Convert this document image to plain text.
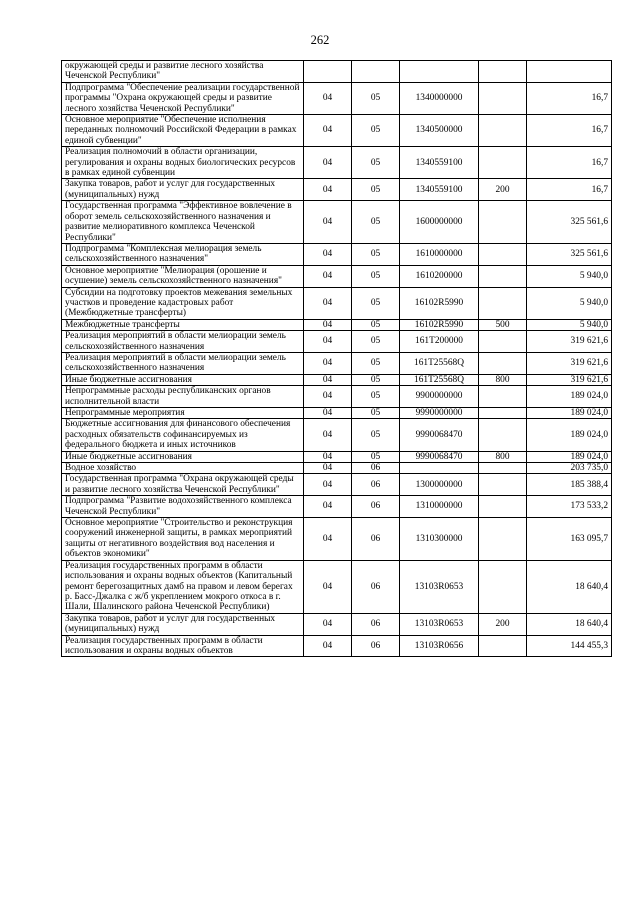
262
окружающей среды и развитие лесного хозяйства Чеченской Республики"					
Подпрограмма "Обеспечение реализации государственной программы "Охрана окружающей среды и развитие лесного хозяйства Чеченской Республики"	04	05	1340000000		16,7
Основное мероприятие "Обеспечение исполнения переданных полномочий Российской Федерации в рамках единой субвенции"	04	05	1340500000		16,7
Реализация полномочий в области организации, регулирования и охраны водных биологических ресурсов в рамках единой субвенции	04	05	1340559100		16,7
Закупка товаров, работ и услуг для государственных (муниципальных) нужд	04	05	1340559100	200	16,7
Государственная программа "Эффективное вовлечение в оборот земель сельскохозяйственного назначения и развитие мелиоративного комплекса Чеченской Республики"	04	05	1600000000		325 561,6
Подпрограмма "Комплексная мелиорация земель сельскохозяйственного назначения"	04	05	1610000000		325 561,6
Основное мероприятие "Мелиорация (орошение и осушение) земель сельскохозяйственного назначения"	04	05	1610200000		5 940,0
Субсидии на подготовку проектов межевания земельных участков и проведение кадастровых работ (Межбюджетные трансферты)	04	05	16102R5990		5 940,0
Межбюджетные трансферты	04	05	16102R5990	500	5 940,0
Реализация мероприятий в области мелиорации земель сельскохозяйственного назначения	04	05	161T200000		319 621,6
Реализация мероприятий в области мелиорации земель сельскохозяйственного назначения	04	05	161T25568Q		319 621,6
Иные бюджетные ассигнования	04	05	161T25568Q	800	319 621,6
Непрограммные расходы республиканских органов исполнительной власти	04	05	9900000000		189 024,0
Непрограммные мероприятия	04	05	9990000000		189 024,0
Бюджетные ассигнования для финансового обеспечения расходных обязательств софинансируемых из федерального бюджета и иных источников	04	05	9990068470		189 024,0
Иные бюджетные ассигнования	04	05	9990068470	800	189 024,0
Водное хозяйство	04	06			203 735,0
Государственная программа "Охрана окружающей среды и развитие лесного хозяйства Чеченской Республики"	04	06	1300000000		185 388,4
Подпрограмма "Развитие водохозяйственного комплекса Чеченской Республики"	04	06	1310000000		173 533,2
Основное мероприятие "Строительство и реконструкция сооружений инженерной защиты, в рамках мероприятий защиты от негативного воздействия вод населения и объектов экономики"	04	06	1310300000		163 095,7
Реализация государственных программ в области использования и охраны водных объектов (Капитальный ремонт берегозащитных дамб на правом и левом берегах р. Басс-Джалка с ж/б укреплением мокрого откоса в г. Шали, Шалинского района Чеченской Республики)	04	06	13103R0653		18 640,4
Закупка товаров, работ и услуг для государственных (муниципальных) нужд	04	06	13103R0653	200	18 640,4
Реализация государственных программ в области использования и охраны водных объектов	04	06	13103R0656		144 455,3
